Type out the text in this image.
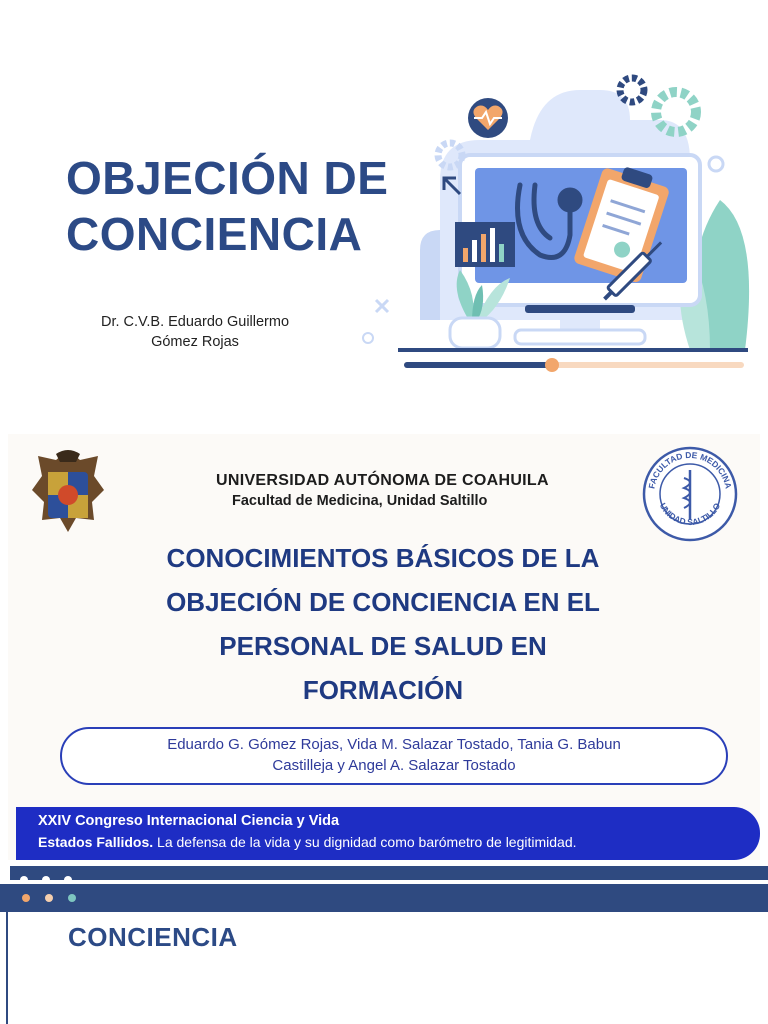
OBJECIÓN DE
CONCIENCIA

Dr. C.V.B. Eduardo Guillermo
Gómez Rojas

UNIVERSIDAD AUTÓNOMA DE COAHUILA
Facultad de Medicina, Unidad Saltillo
FACULTAD DE MEDICINA
UNIDAD SALTILLO
CONOCIMIENTOS BÁSICOS DE LA
OBJECIÓN DE CONCIENCIA EN EL
PERSONAL DE SALUD EN
FORMACIÓN
Eduardo G. Gómez Rojas, Vida M. Salazar Tostado, Tania G. Babun
Castilleja y Angel A. Salazar Tostado
XXIV Congreso Internacional Ciencia y Vida
Estados Fallidos. La defensa de la vida y su dignidad como barómetro de legitimidad.
CONCIENCIA
